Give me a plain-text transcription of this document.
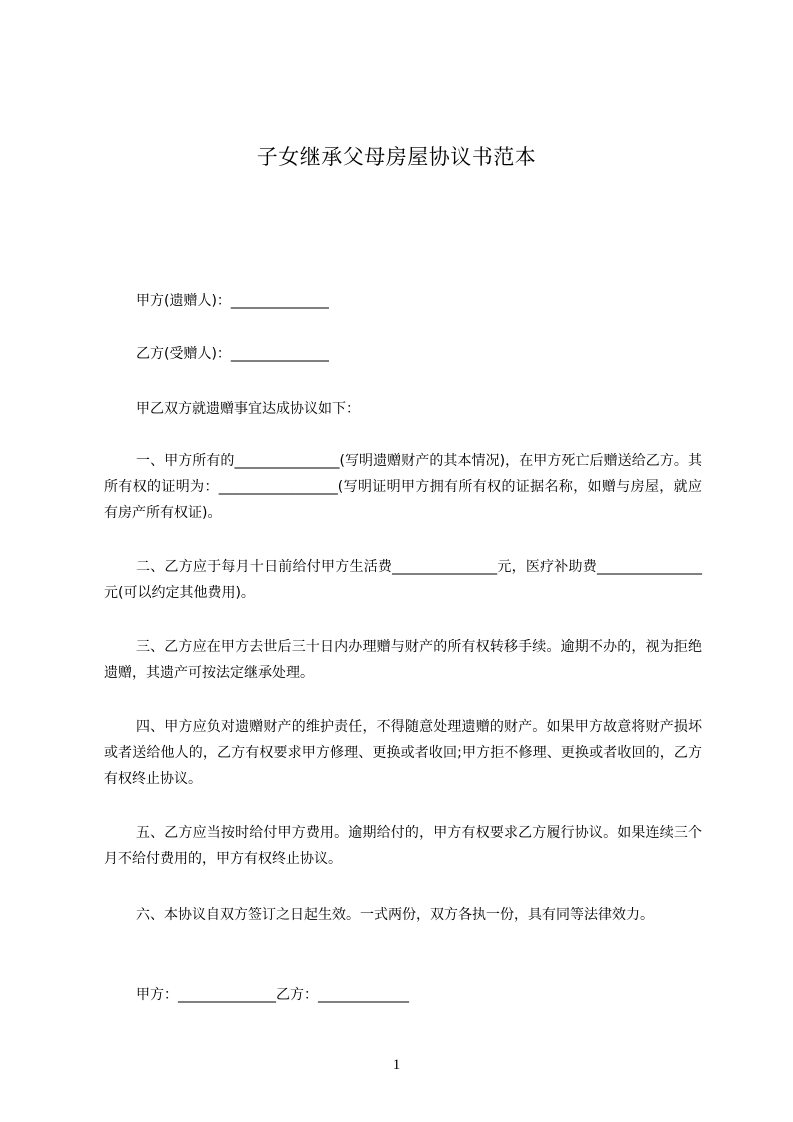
子女继承父母房屋协议书范本
甲方(遗赠人)：______________
乙方(受赠人)：______________
甲乙双方就遗赠事宜达成协议如下：

一、甲方所有的_______________(写明遗赠财产的其本情况)，在甲方死亡后赠送给乙方。其所有权的证明为：_________________(写明证明甲方拥有所有权的证据名称，如赠与房屋，就应有房产所有权证)。

二、乙方应于每月十日前给付甲方生活费_______________元，医疗补助费_______________元(可以约定其他费用)。

三、乙方应在甲方去世后三十日内办理赠与财产的所有权转移手续。逾期不办的，视为拒绝遗赠，其遗产可按法定继承处理。

四、甲方应负对遗赠财产的维护责任，不得随意处理遗赠的财产。如果甲方故意将财产损坏或者送给他人的，乙方有权要求甲方修理、更换或者收回;甲方拒不修理、更换或者收回的，乙方有权终止协议。

五、乙方应当按时给付甲方费用。逾期给付的，甲方有权要求乙方履行协议。如果连续三个月不给付费用的，甲方有权终止协议。

六、本协议自双方签订之日起生效。一式两份，双方各执一份，具有同等法律效力。

甲方：______________乙方：_____________
1
